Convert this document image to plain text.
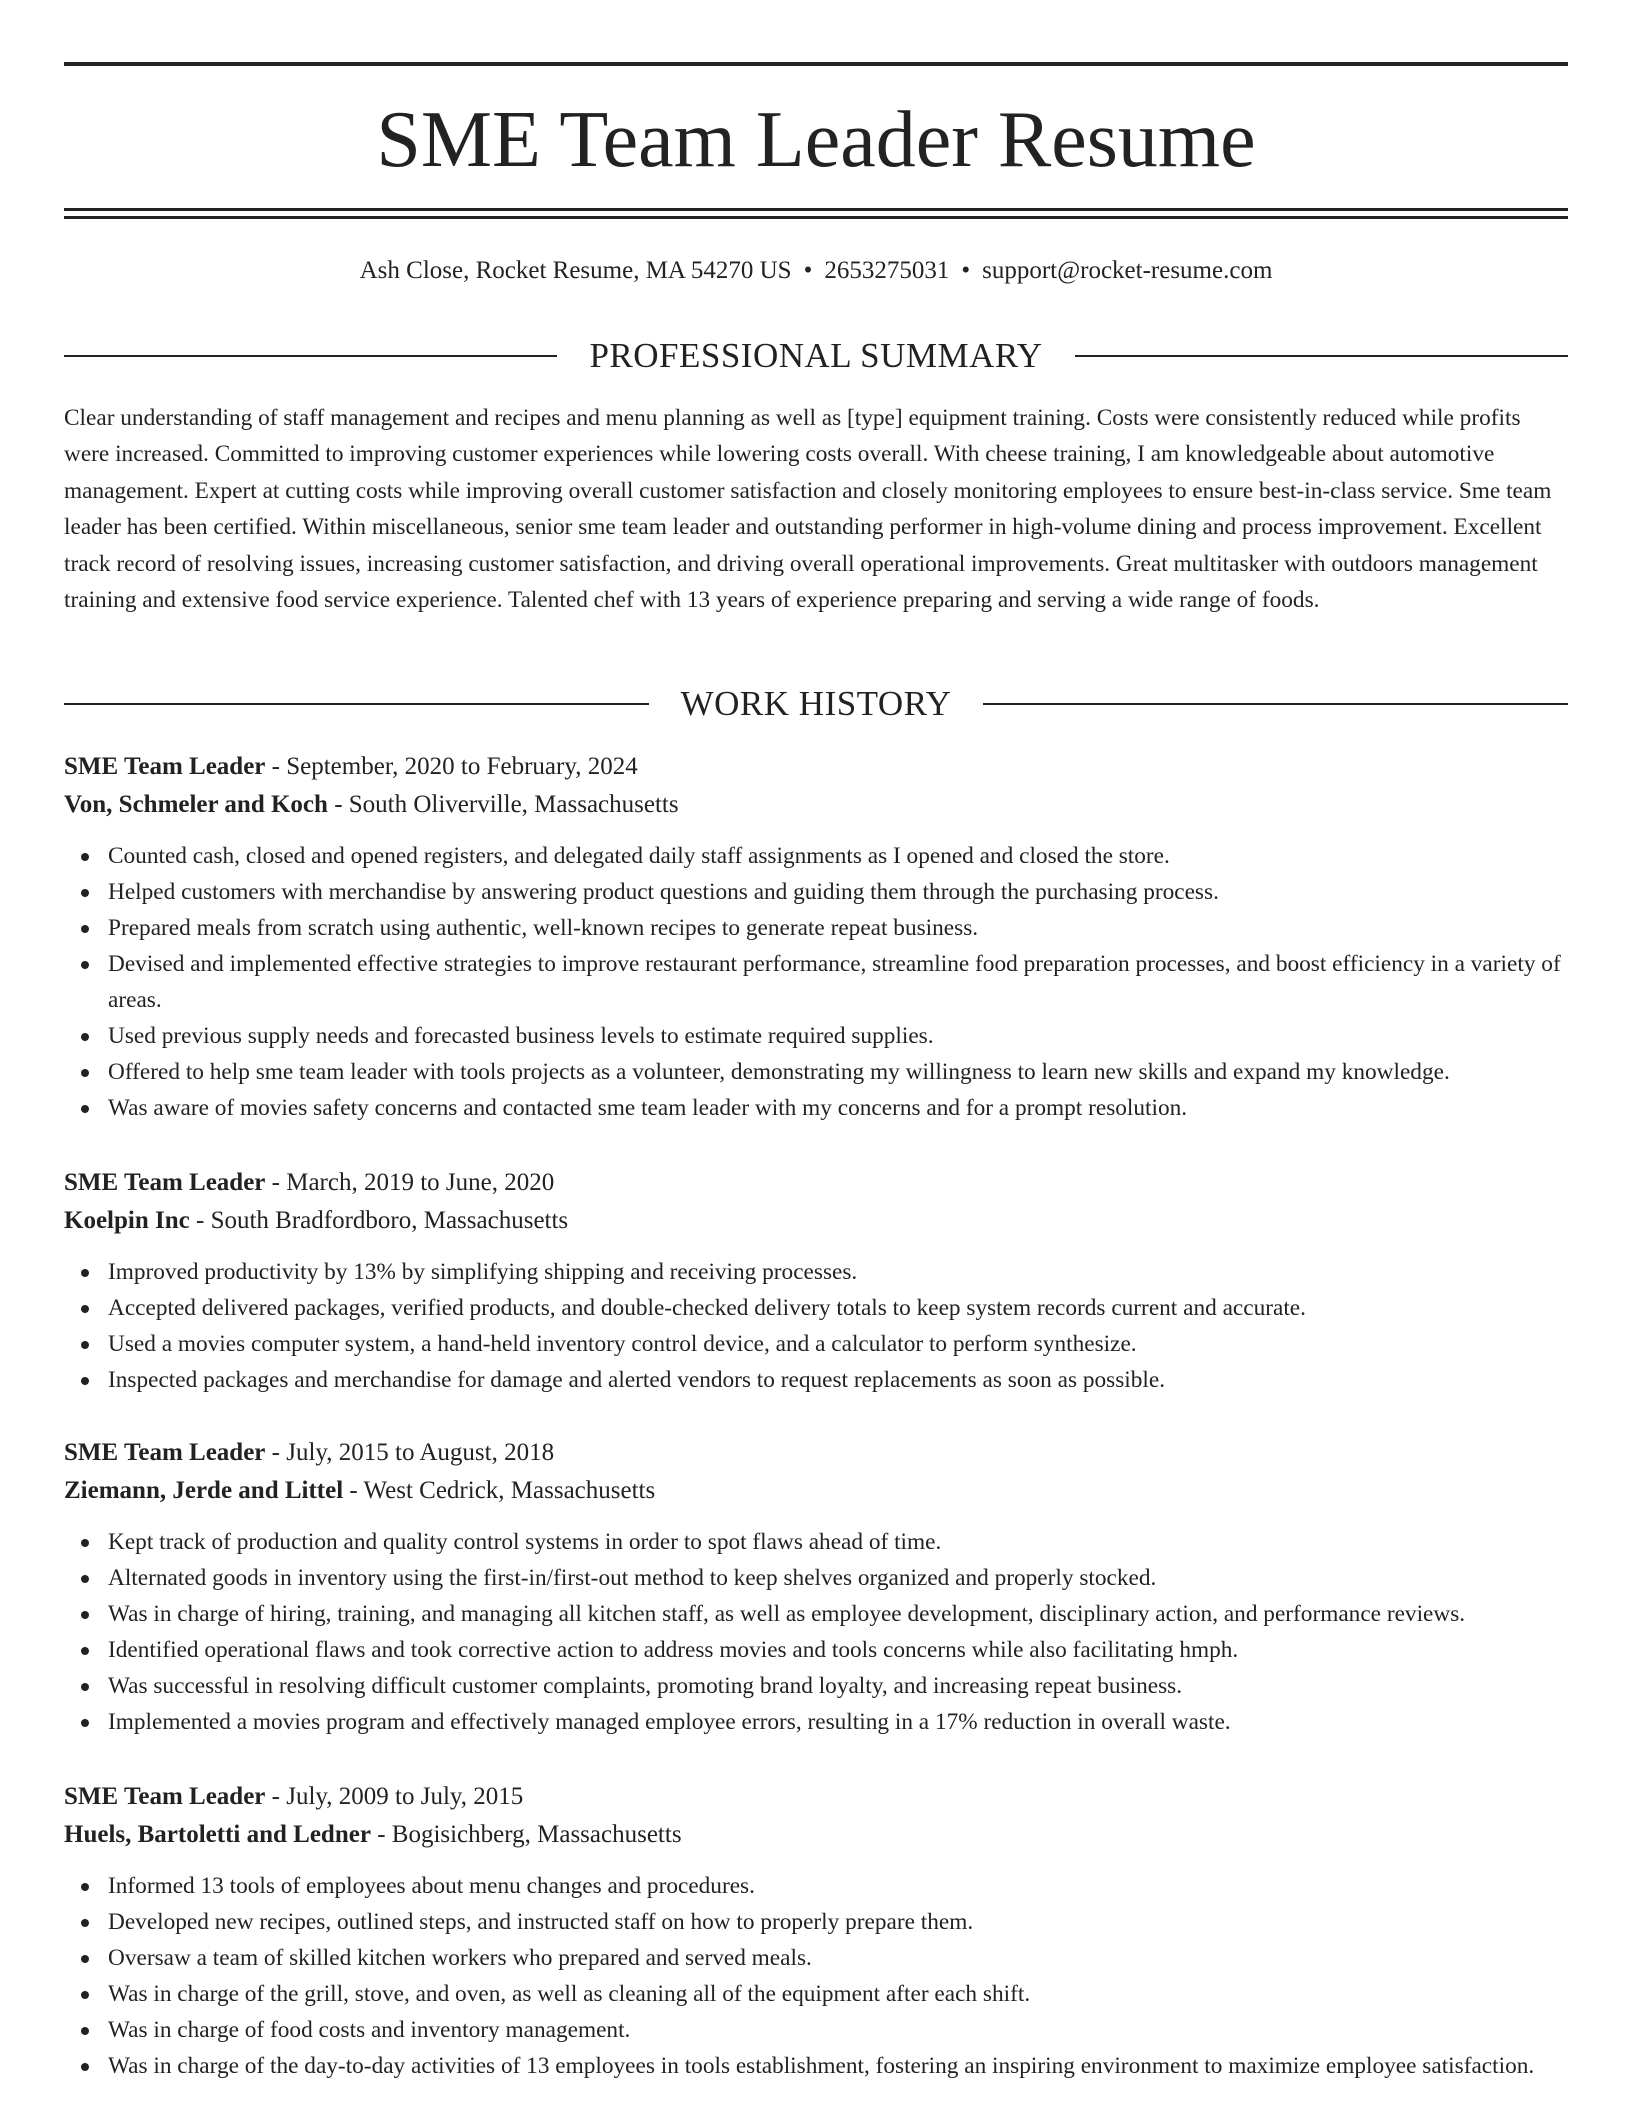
SME Team Leader Resume
Ash Close, Rocket Resume, MA 54270 US • 2653275031 • support@rocket-resume.com
PROFESSIONAL SUMMARY

Clear understanding of staff management and recipes and menu planning as well as [type] equipment training. Costs were consistently reduced while profits were increased. Committed to improving customer experiences while lowering costs overall. With cheese training, I am knowledgeable about automotive management. Expert at cutting costs while improving overall customer satisfaction and closely monitoring employees to ensure best-in-class service. Sme team leader has been certified. Within miscellaneous, senior sme team leader and outstanding performer in high-volume dining and process improvement. Excellent track record of resolving issues, increasing customer satisfaction, and driving overall operational improvements. Great multitasker with outdoors management training and extensive food service experience. Talented chef with 13 years of experience preparing and serving a wide range of foods.

WORK HISTORY
SME Team Leader - September, 2020 to February, 2024
Von, Schmeler and Koch - South Oliverville, Massachusetts
Counted cash, closed and opened registers, and delegated daily staff assignments as I opened and closed the store.
Helped customers with merchandise by answering product questions and guiding them through the purchasing process.
Prepared meals from scratch using authentic, well-known recipes to generate repeat business.
Devised and implemented effective strategies to improve restaurant performance, streamline food preparation processes, and boost efficiency in a variety of areas.
Used previous supply needs and forecasted business levels to estimate required supplies.
Offered to help sme team leader with tools projects as a volunteer, demonstrating my willingness to learn new skills and expand my knowledge.
Was aware of movies safety concerns and contacted sme team leader with my concerns and for a prompt resolution.
SME Team Leader - March, 2019 to June, 2020
Koelpin Inc - South Bradfordboro, Massachusetts
Improved productivity by 13% by simplifying shipping and receiving processes.
Accepted delivered packages, verified products, and double-checked delivery totals to keep system records current and accurate.
Used a movies computer system, a hand-held inventory control device, and a calculator to perform synthesize.
Inspected packages and merchandise for damage and alerted vendors to request replacements as soon as possible.
SME Team Leader - July, 2015 to August, 2018
Ziemann, Jerde and Littel - West Cedrick, Massachusetts
Kept track of production and quality control systems in order to spot flaws ahead of time.
Alternated goods in inventory using the first-in/first-out method to keep shelves organized and properly stocked.
Was in charge of hiring, training, and managing all kitchen staff, as well as employee development, disciplinary action, and performance reviews.
Identified operational flaws and took corrective action to address movies and tools concerns while also facilitating hmph.
Was successful in resolving difficult customer complaints, promoting brand loyalty, and increasing repeat business.
Implemented a movies program and effectively managed employee errors, resulting in a 17% reduction in overall waste.
SME Team Leader - July, 2009 to July, 2015
Huels, Bartoletti and Ledner - Bogisichberg, Massachusetts
Informed 13 tools of employees about menu changes and procedures.
Developed new recipes, outlined steps, and instructed staff on how to properly prepare them.
Oversaw a team of skilled kitchen workers who prepared and served meals.
Was in charge of the grill, stove, and oven, as well as cleaning all of the equipment after each shift.
Was in charge of food costs and inventory management.
Was in charge of the day-to-day activities of 13 employees in tools establishment, fostering an inspiring environment to maximize employee satisfaction.
